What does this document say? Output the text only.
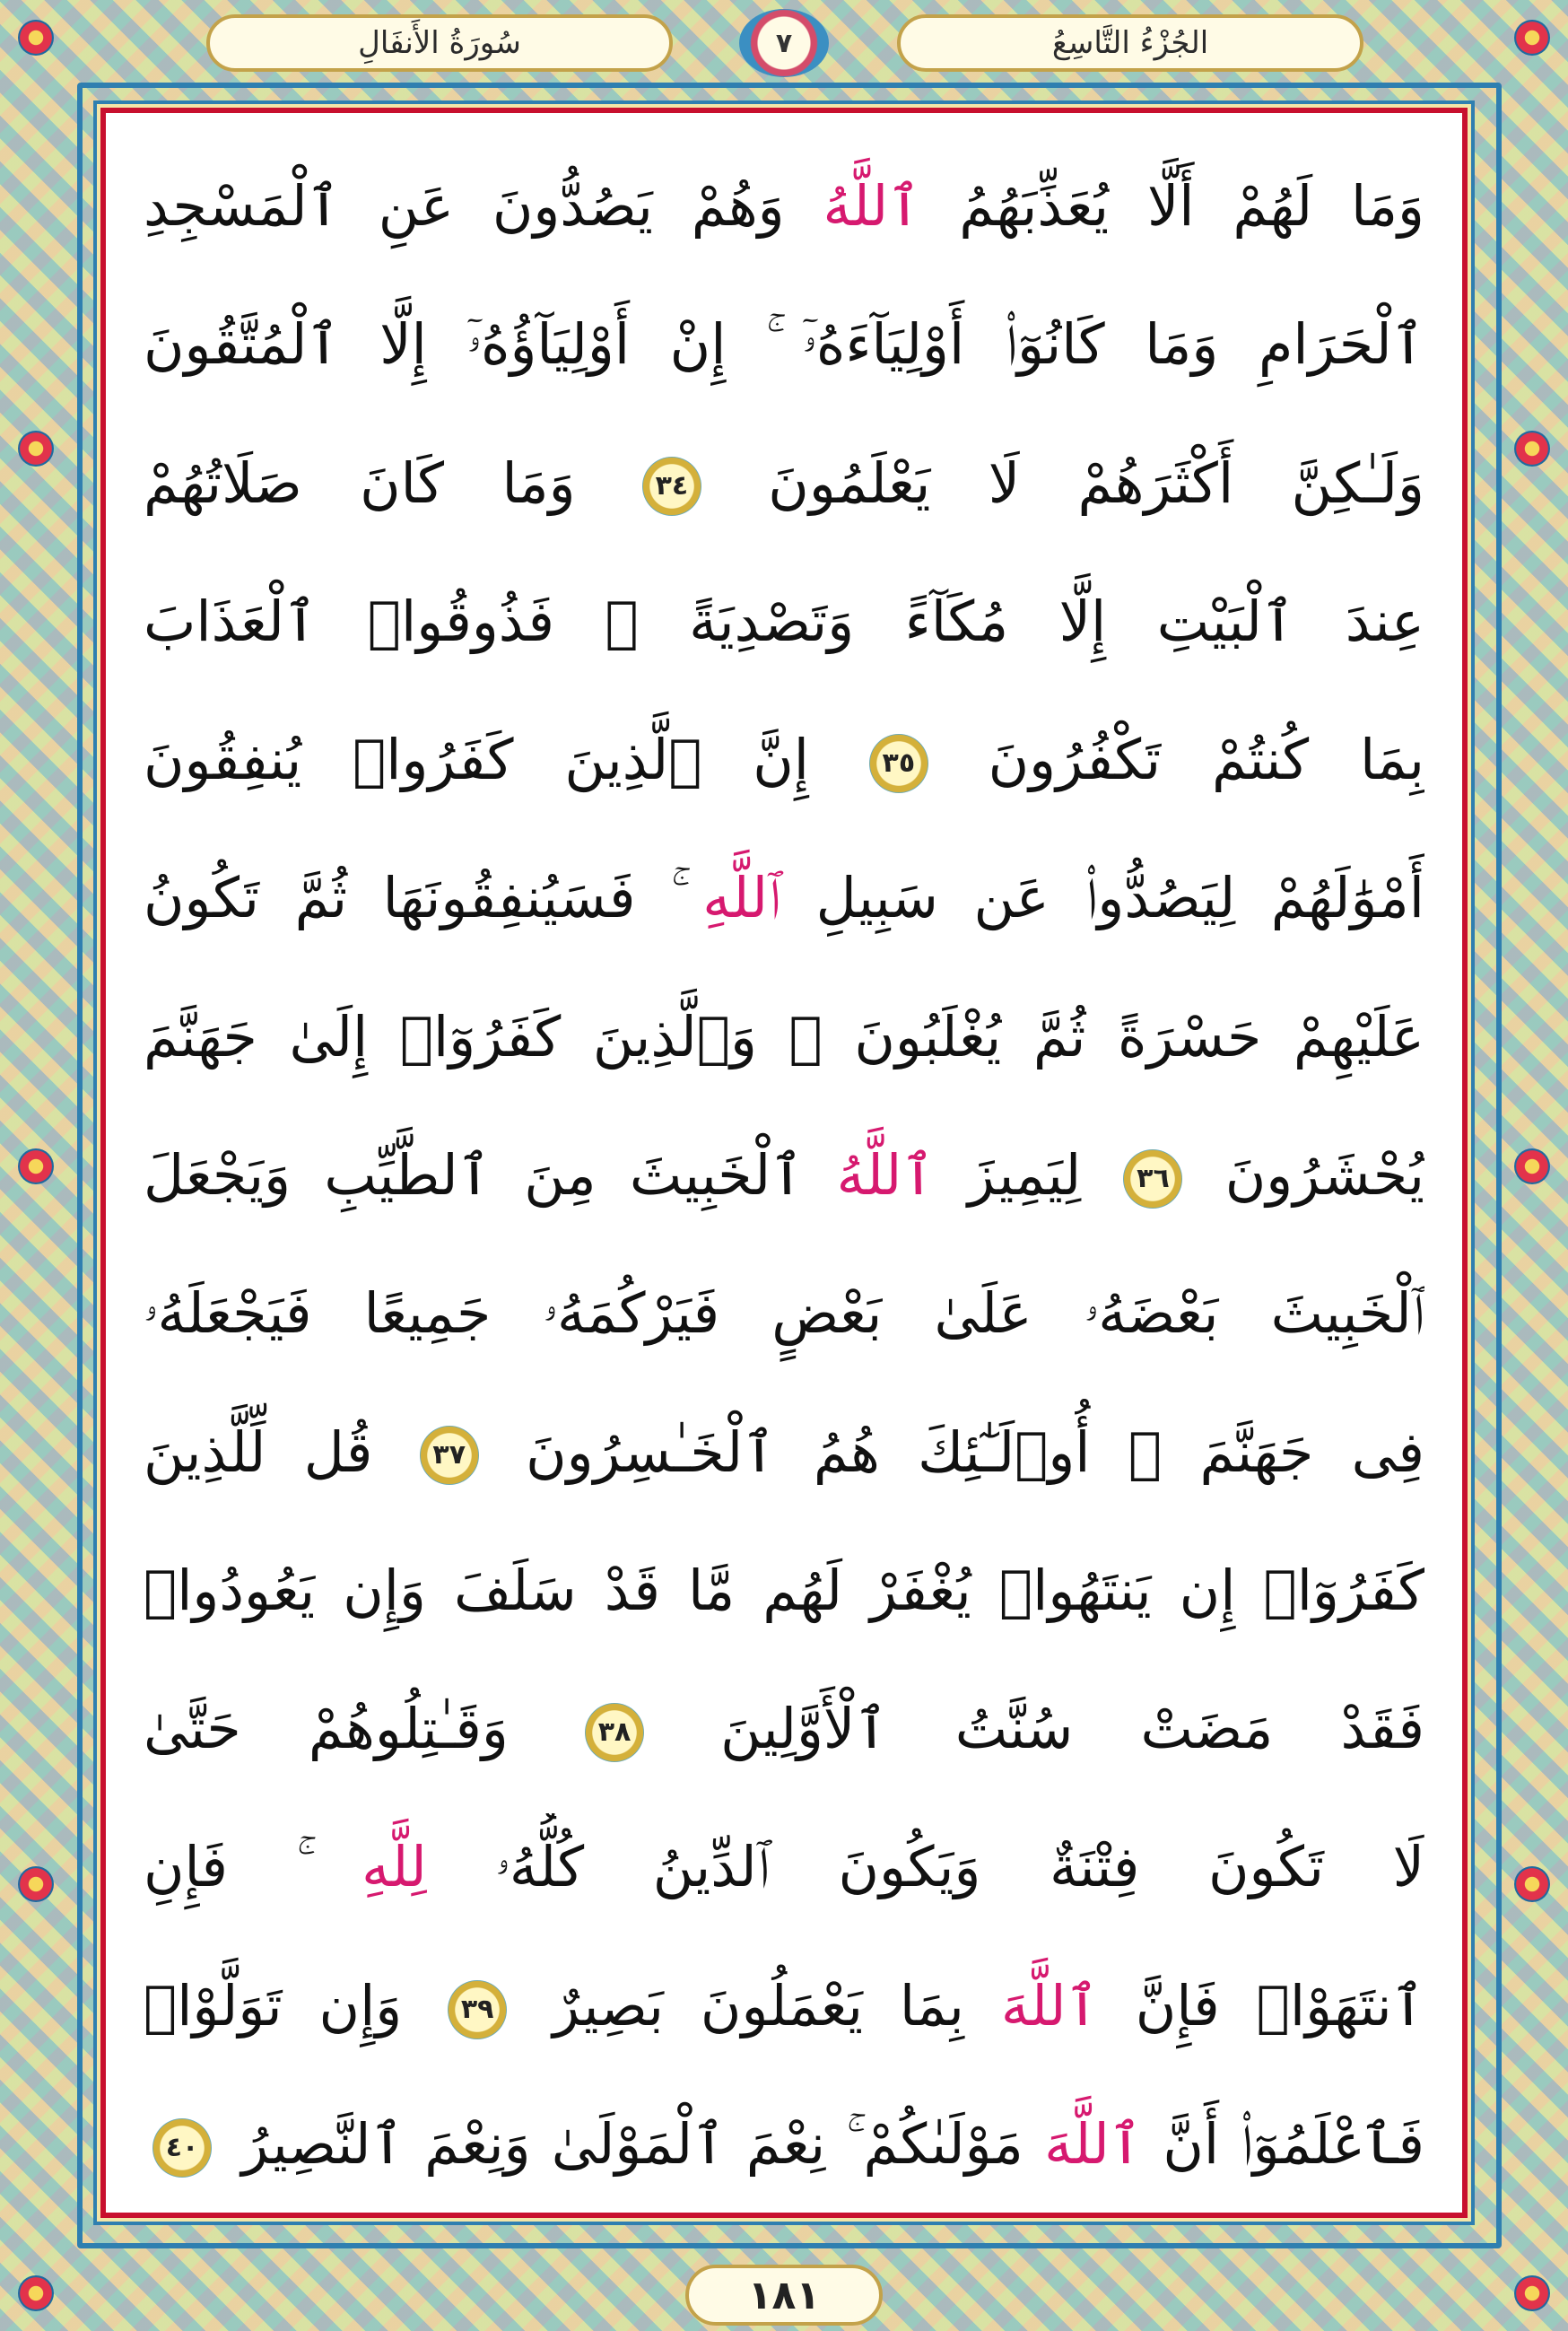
سُورَةُ الأَنفَالِ	٧	الجُزْءُ التَّاسِعُ
وَمَا لَهُمْ أَلَّا يُعَذِّبَهُمُ ٱللَّهُ وَهُمْ يَصُدُّونَ عَنِ ٱلْمَسْجِدِ
ٱلْحَرَامِ وَمَا كَانُوٓا۟ أَوْلِيَآءَهُۥٓ ۚ إِنْ أَوْلِيَآؤُهُۥٓ إِلَّا ٱلْمُتَّقُونَ
وَلَـٰكِنَّ أَكْثَرَهُمْ لَا يَعْلَمُونَ ٣٤ وَمَا كَانَ صَلَاتُهُمْ
عِندَ ٱلْبَيْتِ إِلَّا مُكَآءً وَتَصْدِيَةً ۚ فَذُوقُوا۟ ٱلْعَذَابَ
بِمَا كُنتُمْ تَكْفُرُونَ ٣٥ إِنَّ ٱلَّذِينَ كَفَرُوا۟ يُنفِقُونَ
أَمْوَٰلَهُمْ لِيَصُدُّوا۟ عَن سَبِيلِ ٱللَّهِ ۚ فَسَيُنفِقُونَهَا ثُمَّ تَكُونُ
عَلَيْهِمْ حَسْرَةً ثُمَّ يُغْلَبُونَ ۗ وَٱلَّذِينَ كَفَرُوٓا۟ إِلَىٰ جَهَنَّمَ
يُحْشَرُونَ ٣٦ لِيَمِيزَ ٱللَّهُ ٱلْخَبِيثَ مِنَ ٱلطَّيِّبِ وَيَجْعَلَ
ٱلْخَبِيثَ بَعْضَهُۥ عَلَىٰ بَعْضٍ فَيَرْكُمَهُۥ جَمِيعًا فَيَجْعَلَهُۥ
فِى جَهَنَّمَ ۚ أُو۟لَـٰٓئِكَ هُمُ ٱلْخَـٰسِرُونَ ٣٧ قُل لِّلَّذِينَ
كَفَرُوٓا۟ إِن يَنتَهُوا۟ يُغْفَرْ لَهُم مَّا قَدْ سَلَفَ وَإِن يَعُودُوا۟
فَقَدْ مَضَتْ سُنَّتُ ٱلْأَوَّلِينَ ٣٨ وَقَـٰتِلُوهُمْ حَتَّىٰ
لَا تَكُونَ فِتْنَةٌ وَيَكُونَ ٱلدِّينُ كُلُّهُۥ لِلَّهِ ۚ فَإِنِ
ٱنتَهَوْا۟ فَإِنَّ ٱللَّهَ بِمَا يَعْمَلُونَ بَصِيرٌ ٣٩ وَإِن تَوَلَّوْا۟
فَٱعْلَمُوٓا۟ أَنَّ ٱللَّهَ مَوْلَىٰكُمْ ۚ نِعْمَ ٱلْمَوْلَىٰ وَنِعْمَ ٱلنَّصِيرُ ٤٠
١٨١
